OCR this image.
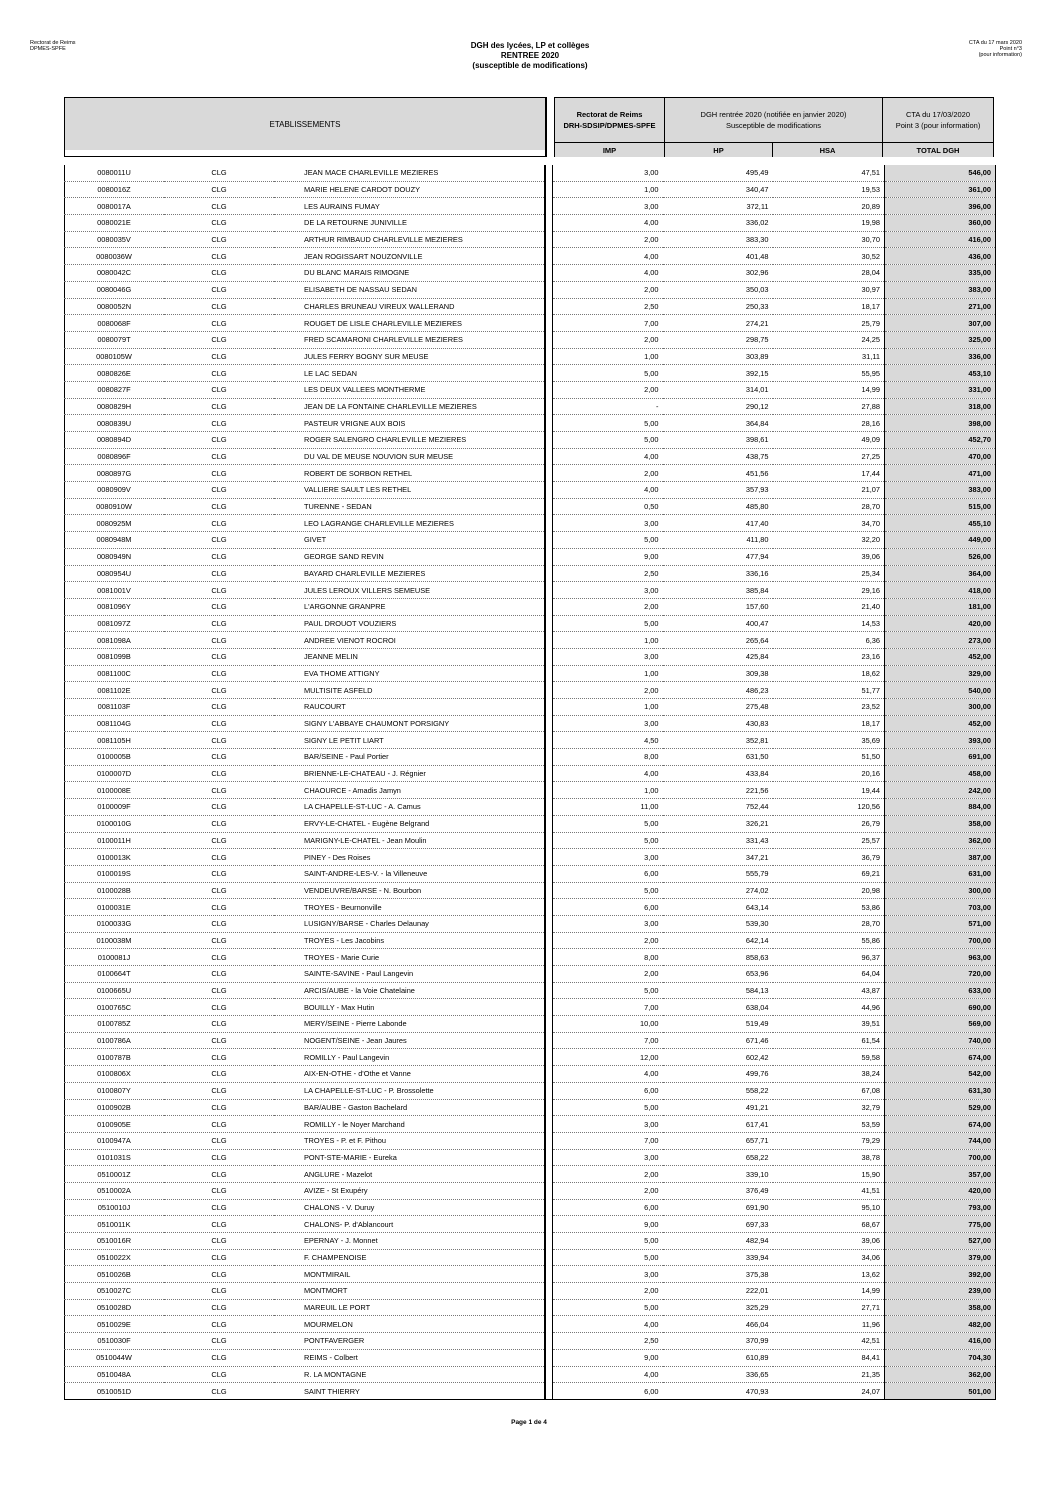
Rectorat de Reims
DPMES-SPFE	DGH des lycées, LP et collèges
RENTREE 2020
(susceptible de modifications)
CTA du 17 mars 2020
Point n°3
(pour information)
ETABLISSEMENTS
Rectorat de Reims
DRH-SDSIP/DPMES-SPFE
DGH rentrée 2020 (notifiée en janvier 2020)
Susceptible de modifications
CTA du 17/03/2020
Point 3 (pour information)
IMP	HP	HSA	TOTAL DGH
0080011U	CLG	JEAN MACE CHARLEVILLE MEZIERES		3,00	495,49	47,51	546,00
0080016Z	CLG	MARIE HELENE CARDOT DOUZY		1,00	340,47	19,53	361,00
0080017A	CLG	LES AURAINS FUMAY		3,00	372,11	20,89	396,00
0080021E	CLG	DE LA RETOURNE JUNIVILLE		4,00	336,02	19,98	360,00
0080035V	CLG	ARTHUR RIMBAUD CHARLEVILLE MEZIERES		2,00	383,30	30,70	416,00
0080036W	CLG	JEAN ROGISSART NOUZONVILLE		4,00	401,48	30,52	436,00
0080042C	CLG	DU BLANC MARAIS RIMOGNE		4,00	302,96	28,04	335,00
0080046G	CLG	ELISABETH DE NASSAU SEDAN		2,00	350,03	30,97	383,00
0080052N	CLG	CHARLES BRUNEAU VIREUX WALLERAND		2,50	250,33	18,17	271,00
0080068F	CLG	ROUGET DE LISLE CHARLEVILLE MEZIERES		7,00	274,21	25,79	307,00
0080079T	CLG	FRED SCAMARONI CHARLEVILLE MEZIERES		2,00	298,75	24,25	325,00
0080105W	CLG	JULES FERRY BOGNY SUR MEUSE		1,00	303,89	31,11	336,00
0080826E	CLG	LE LAC SEDAN		5,00	392,15	55,95	453,10
0080827F	CLG	LES DEUX VALLEES MONTHERME		2,00	314,01	14,99	331,00
0080829H	CLG	JEAN DE LA FONTAINE CHARLEVILLE MEZIERES		-	290,12	27,88	318,00
0080839U	CLG	PASTEUR VRIGNE AUX BOIS		5,00	364,84	28,16	398,00
0080894D	CLG	ROGER SALENGRO CHARLEVILLE MEZIERES		5,00	398,61	49,09	452,70
0080896F	CLG	DU VAL DE MEUSE NOUVION SUR MEUSE		4,00	438,75	27,25	470,00
0080897G	CLG	ROBERT DE SORBON RETHEL		2,00	451,56	17,44	471,00
0080909V	CLG	VALLIERE SAULT LES RETHEL		4,00	357,93	21,07	383,00
0080910W	CLG	TURENNE - SEDAN		0,50	485,80	28,70	515,00
0080925M	CLG	LEO LAGRANGE CHARLEVILLE MEZIERES		3,00	417,40	34,70	455,10
0080948M	CLG	GIVET		5,00	411,80	32,20	449,00
0080949N	CLG	GEORGE SAND REVIN		9,00	477,94	39,06	526,00
0080954U	CLG	BAYARD CHARLEVILLE MEZIERES		2,50	336,16	25,34	364,00
0081001V	CLG	JULES LEROUX VILLERS SEMEUSE		3,00	385,84	29,16	418,00
0081096Y	CLG	L'ARGONNE GRANPRE		2,00	157,60	21,40	181,00
0081097Z	CLG	PAUL DROUOT VOUZIERS		5,00	400,47	14,53	420,00
0081098A	CLG	ANDREE VIENOT ROCROI		1,00	265,64	6,36	273,00
0081099B	CLG	JEANNE MELIN		3,00	425,84	23,16	452,00
0081100C	CLG	EVA THOME ATTIGNY		1,00	309,38	18,62	329,00
0081102E	CLG	MULTISITE ASFELD		2,00	486,23	51,77	540,00
0081103F	CLG	RAUCOURT		1,00	275,48	23,52	300,00
0081104G	CLG	SIGNY L'ABBAYE CHAUMONT PORSIGNY		3,00	430,83	18,17	452,00
0081105H	CLG	SIGNY LE PETIT LIART		4,50	352,81	35,69	393,00
0100005B	CLG	BAR/SEINE - Paul Portier		8,00	631,50	51,50	691,00
0100007D	CLG	BRIENNE-LE-CHATEAU - J. Régnier		4,00	433,84	20,16	458,00
0100008E	CLG	CHAOURCE - Amadis Jamyn		1,00	221,56	19,44	242,00
0100009F	CLG	LA CHAPELLE-ST-LUC - A. Camus		11,00	752,44	120,56	884,00
0100010G	CLG	ERVY-LE-CHATEL - Eugène Belgrand		5,00	326,21	26,79	358,00
0100011H	CLG	MARIGNY-LE-CHATEL - Jean Moulin		5,00	331,43	25,57	362,00
0100013K	CLG	PINEY - Des Roises		3,00	347,21	36,79	387,00
0100019S	CLG	SAINT-ANDRE-LES-V. - la Villeneuve		6,00	555,79	69,21	631,00
0100028B	CLG	VENDEUVRE/BARSE - N. Bourbon		5,00	274,02	20,98	300,00
0100031E	CLG	TROYES - Beurnonville		6,00	643,14	53,86	703,00
0100033G	CLG	LUSIGNY/BARSE - Charles Delaunay		3,00	539,30	28,70	571,00
0100038M	CLG	TROYES - Les Jacobins		2,00	642,14	55,86	700,00
0100081J	CLG	TROYES - Marie Curie		8,00	858,63	96,37	963,00
0100664T	CLG	SAINTE-SAVINE - Paul Langevin		2,00	653,96	64,04	720,00
0100665U	CLG	ARCIS/AUBE - la Voie Chatelaine		5,00	584,13	43,87	633,00
0100765C	CLG	BOUILLY - Max Hutin		7,00	638,04	44,96	690,00
0100785Z	CLG	MERY/SEINE - Pierre Labonde		10,00	519,49	39,51	569,00
0100786A	CLG	NOGENT/SEINE - Jean Jaures		7,00	671,46	61,54	740,00
0100787B	CLG	ROMILLY - Paul Langevin		12,00	602,42	59,58	674,00
0100806X	CLG	AIX-EN-OTHE - d'Othe et Vanne		4,00	499,76	38,24	542,00
0100807Y	CLG	LA CHAPELLE-ST-LUC - P. Brossolette		6,00	558,22	67,08	631,30
0100902B	CLG	BAR/AUBE - Gaston Bachelard		5,00	491,21	32,79	529,00
0100905E	CLG	ROMILLY - le Noyer Marchand		3,00	617,41	53,59	674,00
0100947A	CLG	TROYES - P. et F. Pithou		7,00	657,71	79,29	744,00
0101031S	CLG	PONT-STE-MARIE - Eureka		3,00	658,22	38,78	700,00
0510001Z	CLG	ANGLURE - Mazelot		2,00	339,10	15,90	357,00
0510002A	CLG	AVIZE - St Exupéry		2,00	376,49	41,51	420,00
0510010J	CLG	CHALONS - V. Duruy		6,00	691,90	95,10	793,00
0510011K	CLG	CHALONS- P. d'Ablancourt		9,00	697,33	68,67	775,00
0510016R	CLG	EPERNAY - J. Monnet		5,00	482,94	39,06	527,00
0510022X	CLG	F. CHAMPENOISE		5,00	339,94	34,06	379,00
0510026B	CLG	MONTMIRAIL		3,00	375,38	13,62	392,00
0510027C	CLG	MONTMORT		2,00	222,01	14,99	239,00
0510028D	CLG	MAREUIL LE PORT		5,00	325,29	27,71	358,00
0510029E	CLG	MOURMELON		4,00	466,04	11,96	482,00
0510030F	CLG	PONTFAVERGER		2,50	370,99	42,51	416,00
0510044W	CLG	REIMS - Colbert		9,00	610,89	84,41	704,30
0510048A	CLG	R. LA MONTAGNE		4,00	336,65	21,35	362,00
0510051D	CLG	SAINT THIERRY		6,00	470,93	24,07	501,00
Page 1 de 4
